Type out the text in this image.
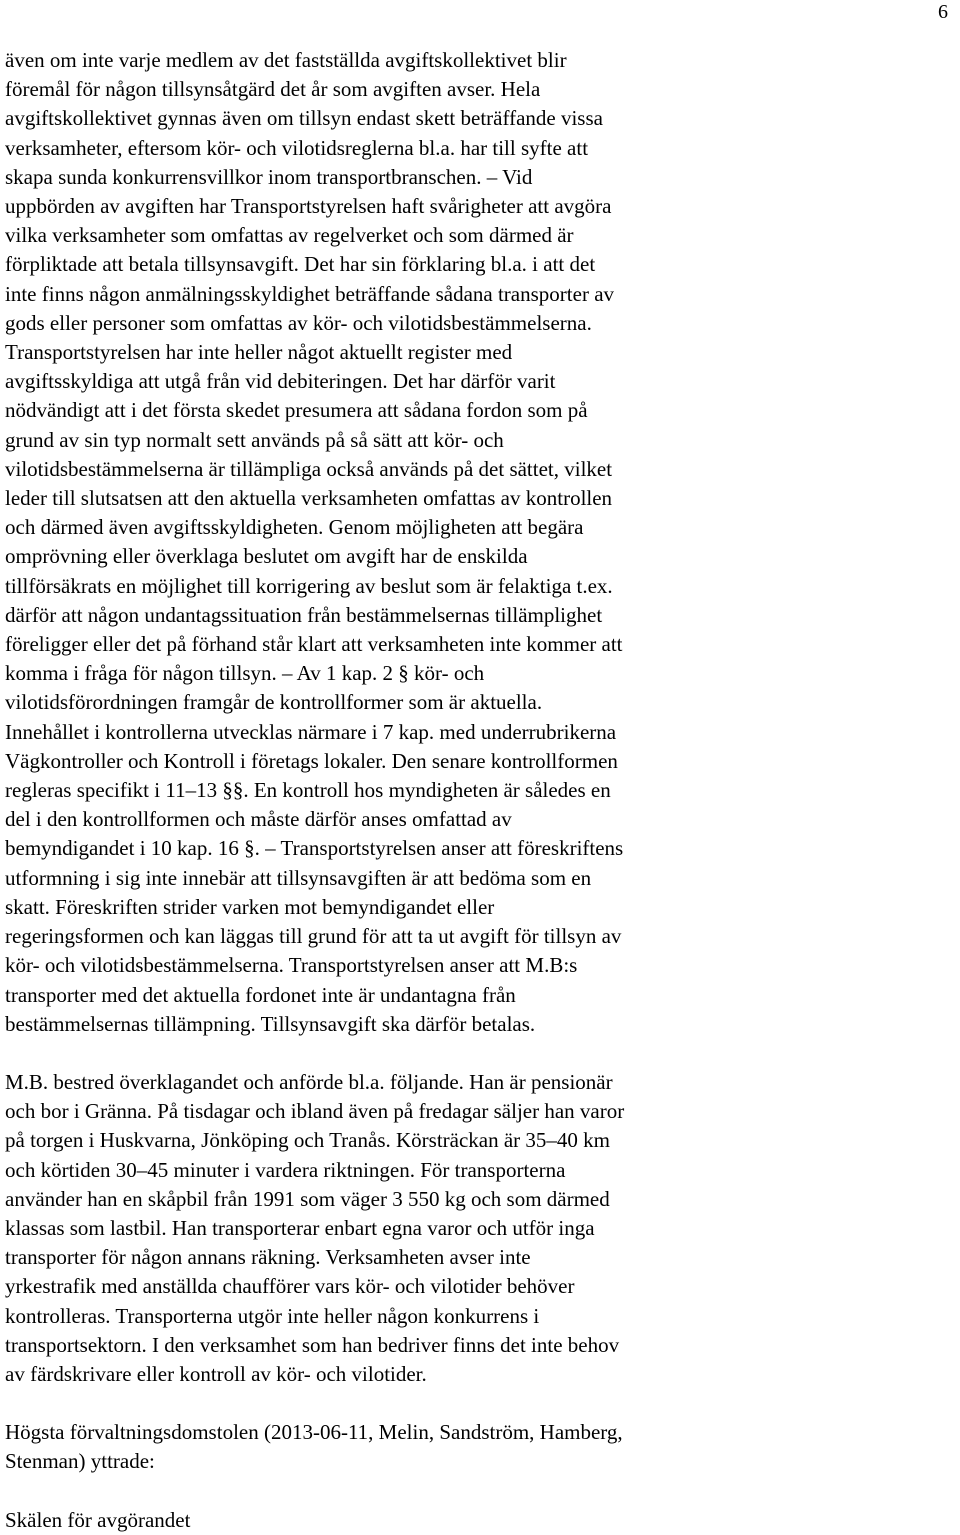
6
även om inte varje medlem av det fastställda avgiftskollektivet blir
föremål för någon tillsynsåtgärd det år som avgiften avser. Hela
avgiftskollektivet gynnas även om tillsyn endast skett beträffande vissa
verksamheter, eftersom kör- och vilotidsreglerna bl.a. har till syfte att
skapa sunda konkurrensvillkor inom transportbranschen. – Vid
uppbörden av avgiften har Transportstyrelsen haft svårigheter att avgöra
vilka verksamheter som omfattas av regelverket och som därmed är
förpliktade att betala tillsynsavgift. Det har sin förklaring bl.a. i att det
inte finns någon anmälningsskyldighet beträffande sådana transporter av
gods eller personer som omfattas av kör- och vilotidsbestämmelserna.
Transportstyrelsen har inte heller något aktuellt register med
avgiftsskyldiga att utgå från vid debiteringen. Det har därför varit
nödvändigt att i det första skedet presumera att sådana fordon som på
grund av sin typ normalt sett används på så sätt att kör- och
vilotidsbestämmelserna är tillämpliga också används på det sättet, vilket
leder till slutsatsen att den aktuella verksamheten omfattas av kontrollen
och därmed även avgiftsskyldigheten. Genom möjligheten att begära
omprövning eller överklaga beslutet om avgift har de enskilda
tillförsäkrats en möjlighet till korrigering av beslut som är felaktiga t.ex.
därför att någon undantagssituation från bestämmelsernas tillämplighet
föreligger eller det på förhand står klart att verksamheten inte kommer att
komma i fråga för någon tillsyn. – Av 1 kap. 2 § kör- och
vilotidsförordningen framgår de kontrollformer som är aktuella.
Innehållet i kontrollerna utvecklas närmare i 7 kap. med underrubrikerna
Vägkontroller och Kontroll i företags lokaler. Den senare kontrollformen
regleras specifikt i 11–13 §§. En kontroll hos myndigheten är således en
del i den kontrollformen och måste därför anses omfattad av
bemyndigandet i 10 kap. 16 §. – Transportstyrelsen anser att föreskriftens
utformning i sig inte innebär att tillsynsavgiften är att bedöma som en
skatt. Föreskriften strider varken mot bemyndigandet eller
regeringsformen och kan läggas till grund för att ta ut avgift för tillsyn av
kör- och vilotidsbestämmelserna. Transportstyrelsen anser att M.B:s
transporter med det aktuella fordonet inte är undantagna från
bestämmelsernas tillämpning. Tillsynsavgift ska därför betalas.
M.B. bestred överklagandet och anförde bl.a. följande. Han är pensionär
och bor i Gränna. På tisdagar och ibland även på fredagar säljer han varor
på torgen i Huskvarna, Jönköping och Tranås. Körsträckan är 35–40 km
och körtiden 30–45 minuter i vardera riktningen. För transporterna
använder han en skåpbil från 1991 som väger 3 550 kg och som därmed
klassas som lastbil. Han transporterar enbart egna varor och utför inga
transporter för någon annans räkning. Verksamheten avser inte
yrkestrafik med anställda chaufförer vars kör- och vilotider behöver
kontrolleras. Transporterna utgör inte heller någon konkurrens i
transportsektorn. I den verksamhet som han bedriver finns det inte behov
av färdskrivare eller kontroll av kör- och vilotider.
Högsta förvaltningsdomstolen (2013-06-11, Melin, Sandström, Hamberg,
Stenman) yttrade:
Skälen för avgörandet
